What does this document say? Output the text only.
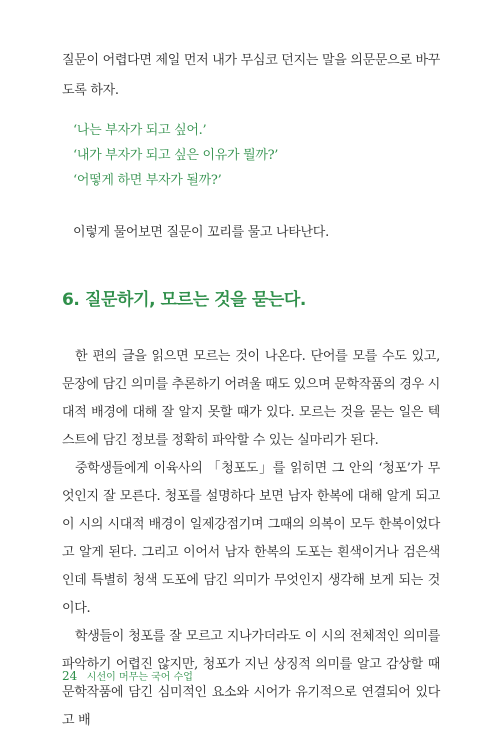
질문이 어렵다면 제일 먼저 내가 무심코 던지는 말을 의문문으로 바꾸도록 하자.

‘나는 부자가 되고 싶어.’
‘내가 부자가 되고 싶은 이유가 뭘까?’
‘어떻게 하면 부자가 될까?’

이렇게 물어보면 질문이 꼬리를 물고 나타난다.

6. 질문하기, 모르는 것을 묻는다.

한 편의 글을 읽으면 모르는 것이 나온다. 단어를 모를 수도 있고, 문장에 담긴 의미를 추론하기 어려울 때도 있으며 문학작품의 경우 시대적 배경에 대해 잘 알지 못할 때가 있다. 모르는 것을 묻는 일은 텍스트에 담긴 정보를 정확히 파악할 수 있는 실마리가 된다.

중학생들에게 이육사의 「청포도」를 읽히면 그 안의 ‘청포’가 무엇인지 잘 모른다. 청포를 설명하다 보면 남자 한복에 대해 알게 되고 이 시의 시대적 배경이 일제강점기며 그때의 의복이 모두 한복이었다고 알게 된다. 그리고 이어서 남자 한복의 도포는 흰색이거나 검은색인데 특별히 청색 도포에 담긴 의미가 무엇인지 생각해 보게 되는 것이다.

학생들이 청포를 잘 모르고 지나가더라도 이 시의 전체적인 의미를 파악하기 어렵진 않지만, 청포가 지닌 상징적 의미를 알고 감상할 때 문학작품에 담긴 심미적인 요소와 시어가 유기적으로 연결되어 있다고 배

24 시선이 머무는 국어 수업
